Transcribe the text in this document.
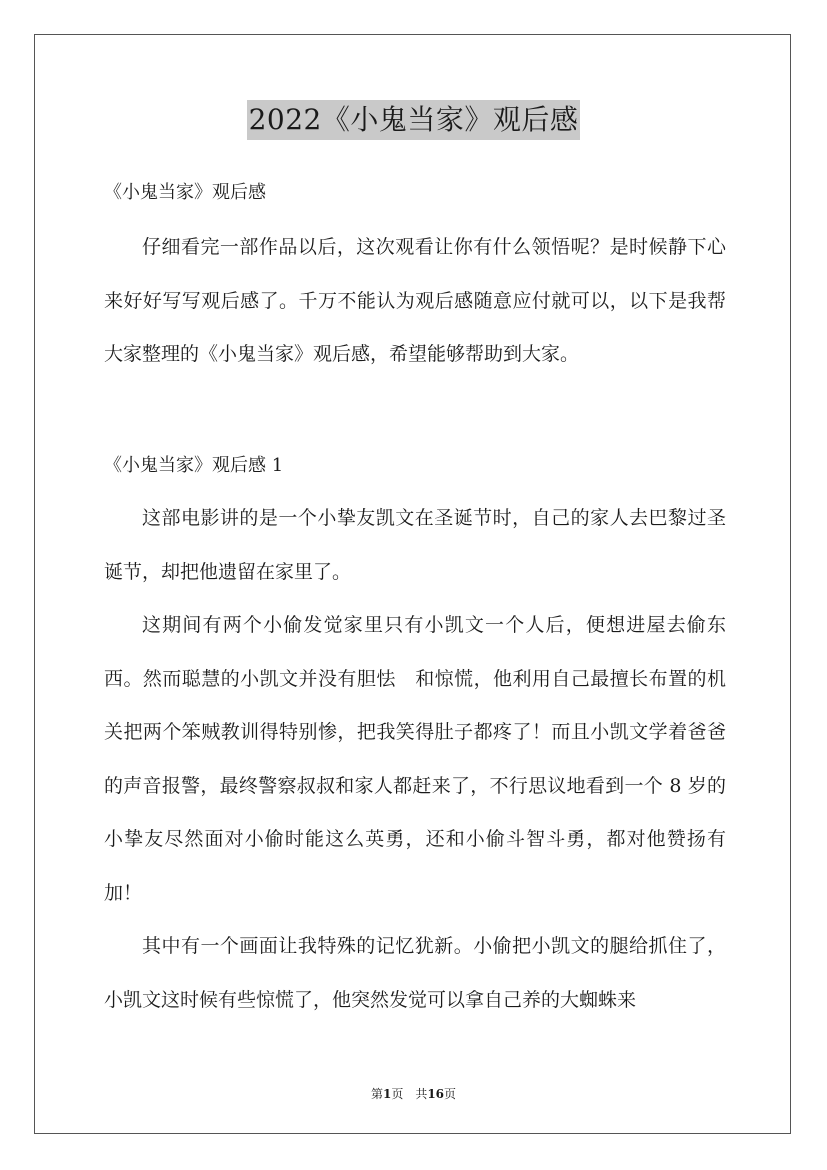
2022《小鬼当家》观后感
《小鬼当家》观后感

仔细看完一部作品以后，这次观看让你有什么领悟呢？是时候静下心来好好写写观后感了。千万不能认为观后感随意应付就可以，以下是我帮大家整理的《小鬼当家》观后感，希望能够帮助到大家。

《小鬼当家》观后感 1

这部电影讲的是一个小挚友凯文在圣诞节时，自己的家人去巴黎过圣诞节，却把他遗留在家里了。

这期间有两个小偷发觉家里只有小凯文一个人后，便想进屋去偷东西。然而聪慧的小凯文并没有胆怯　和惊慌，他利用自己最擅长布置的机关把两个笨贼教训得特别惨，把我笑得肚子都疼了！而且小凯文学着爸爸的声音报警，最终警察叔叔和家人都赶来了，不行思议地看到一个 8 岁的小挚友尽然面对小偷时能这么英勇，还和小偷斗智斗勇，都对他赞扬有加！

其中有一个画面让我特殊的记忆犹新。小偷把小凯文的腿给抓住了，小凯文这时候有些惊慌了，他突然发觉可以拿自己养的大蜘蛛来

第1页　共16页
